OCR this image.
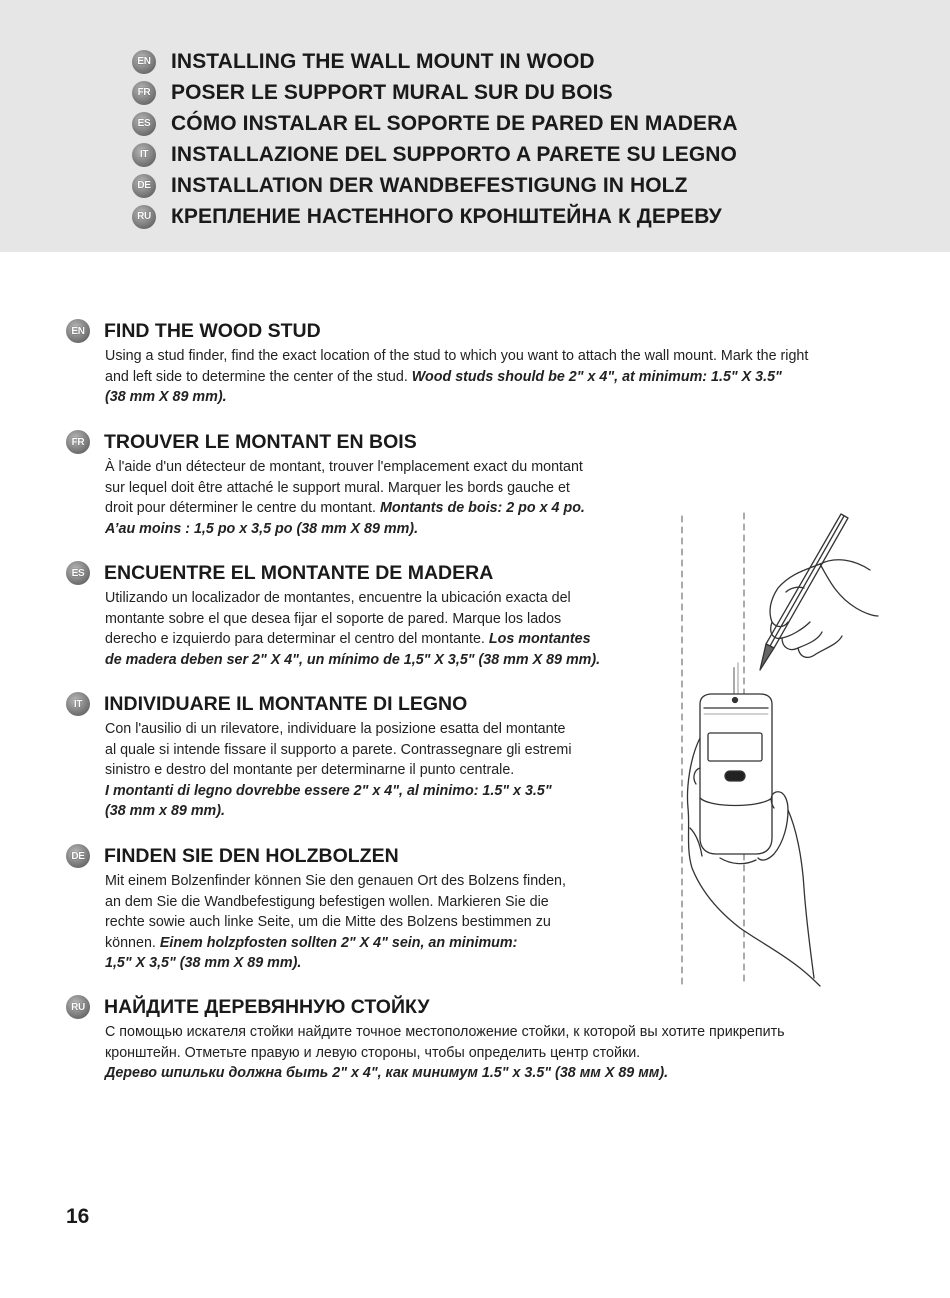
EN INSTALLING THE WALL MOUNT IN WOOD
FR POSER LE SUPPORT MURAL SUR DU BOIS
ES CÓMO INSTALAR EL SOPORTE DE PARED EN MADERA
IT	INSTALLAZIONE DEL SUPPORTO A PARETE SU LEGNO
DE INSTALLATION DER WANDBEFESTIGUNG IN HOLZ
RU КРЕПЛЕНИЕ НАСТЕННОГО КРОНШТЕЙНА К ДЕРЕВУ
EN FIND THE WOOD STUD
Using a stud finder, find the exact location of the stud to which you want to attach the wall mount. Mark the right
and left side to determine the center of the stud. Wood studs should be 2" x 4", at minimum: 1.5" X 3.5"
(38 mm X 89 mm).
FR TROUVER LE MONTANT EN BOIS
À l'aide d'un détecteur de montant, trouver l'emplacement exact du montant
sur lequel doit être attaché le support mural. Marquer les bords gauche et
droit pour déterminer le centre du montant. Montants de bois: 2 po x 4 po.
A’au moins : 1,5 po x 3,5 po (38 mm X 89 mm).
ES ENCUENTRE EL MONTANTE DE MADERA
Utilizando un localizador de montantes, encuentre la ubicación exacta del
montante sobre el que desea fijar el soporte de pared. Marque los lados
derecho e izquierdo para determinar el centro del montante. Los montantes
de madera deben ser 2" X 4", un mínimo de 1,5" X 3,5" (38 mm X 89 mm).
IT	INDIVIDUARE IL MONTANTE DI LEGNO
Con l'ausilio di un rilevatore, individuare la posizione esatta del montante
al quale si intende fissare il supporto a parete. Contrassegnare gli estremi
sinistro e destro del montante per determinarne il punto centrale.
I montanti di legno dovrebbe essere 2" x 4", al minimo: 1.5" x 3.5"
(38 mm x 89 mm).
DE FINDEN SIE DEN HOLZBOLZEN
Mit einem Bolzenfinder können Sie den genauen Ort des Bolzens finden,
an dem Sie die Wandbefestigung befestigen wollen. Markieren Sie die
rechte sowie auch linke Seite, um die Mitte des Bolzens bestimmen zu
können. Einem holzpfosten sollten 2" X 4" sein, an minimum:
1,5" X 3,5" (38 mm X 89 mm).
RU НАЙДИТЕ ДЕРЕВЯННУЮ СТОЙКУ
С помощью искателя стойки найдите точное местоположение стойки, к которой вы хотите прикрепить
кронштейн. Отметьте правую и левую стороны, чтобы определить центр стойки.
Дерево шпильки должна быть 2" x 4", как минимум 1.5" x 3.5" (38 мм X 89 мм).
16
